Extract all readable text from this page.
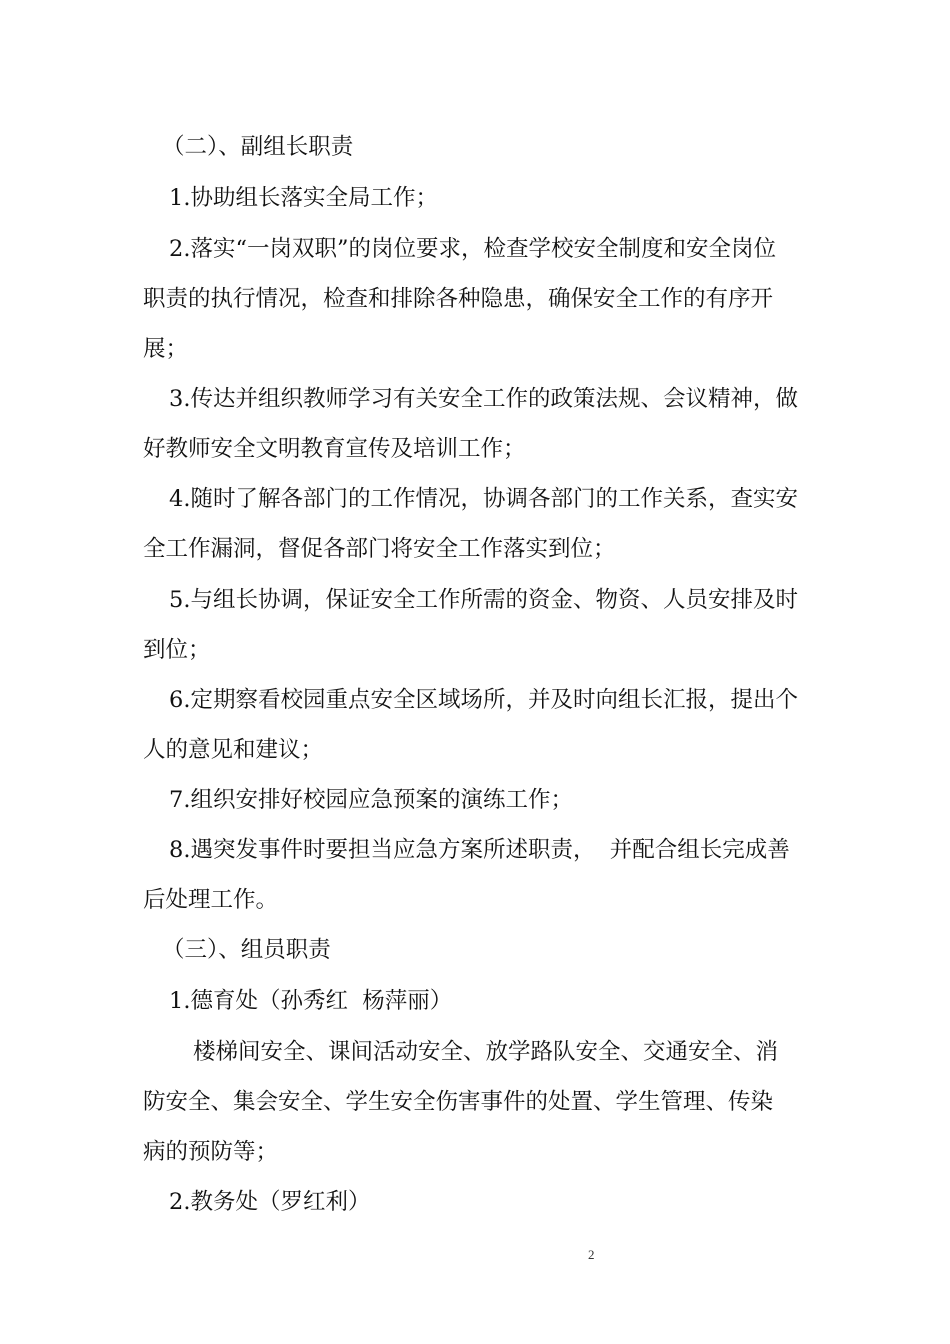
（二）、副组长职责
1.协助组长落实全局工作；
2.落实“一岗双职”的岗位要求，检查学校安全制度和安全岗位
职责的执行情况，检查和排除各种隐患，确保安全工作的有序开
展；
3.传达并组织教师学习有关安全工作的政策法规、会议精神，做
好教师安全文明教育宣传及培训工作；
4.随时了解各部门的工作情况，协调各部门的工作关系，查实安
全工作漏洞，督促各部门将安全工作落实到位；
5.与组长协调，保证安全工作所需的资金、物资、人员安排及时
到位；
6.定期察看校园重点安全区域场所，并及时向组长汇报，提出个
人的意见和建议；
7.组织安排好校园应急预案的演练工作；
8.遇突发事件时要担当应急方案所述职责，  并配合组长完成善
后处理工作。
（三）、组员职责
1.德育处（孙秀红  杨萍丽）
楼梯间安全、课间活动安全、放学路队安全、交通安全、消
防安全、集会安全、学生安全伤害事件的处置、学生管理、传染
病的预防等；
2.教务处（罗红利）
2
